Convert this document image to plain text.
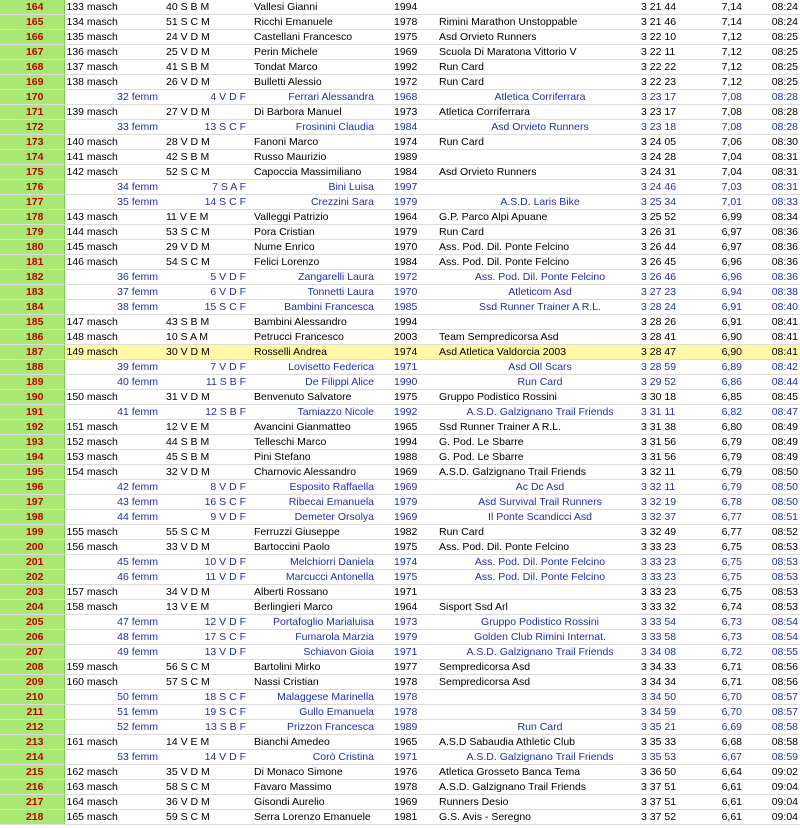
164	133 masch	40 S B M	Vallesi Gianni	1994		3 21 44	7,14	08:24
165	134 masch	51 S C M	Ricchi Emanuele	1978	Rimini Marathon Unstoppable	3 21 46	7,14	08:24
166	135 masch	24 V D M	Castellani Francesco	1975	Asd Orvieto Runners	3 22 10	7,12	08:25
167	136 masch	25 V D M	Perin Michele	1969	Scuola Di Maratona Vittorio V	3 22 11	7,12	08:25
168	137 masch	41 S B M	Tondat Marco	1992	Run Card	3 22 22	7,12	08:25
169	138 masch	26 V D M	Bulletti Alessio	1972	Run Card	3 22 23	7,12	08:25
170	32 femm	4 V D F	Ferrari Alessandra	1968	Atletica Corriferrara	3 23 17	7,08	08:28
171	139 masch	27 V D M	Di Barbora Manuel	1973	Atletica Corriferrara	3 23 17	7,08	08:28
172	33 femm	13 S C F	Frosinini Claudia	1984	Asd Orvieto Runners	3 23 18	7,08	08:28
173	140 masch	28 V D M	Fanoni Marco	1974	Run Card	3 24 05	7,06	08:30
174	141 masch	42 S B M	Russo Maurizio	1989		3 24 28	7,04	08:31
175	142 masch	52 S C M	Capoccia Massimiliano	1984	Asd Orvieto Runners	3 24 31	7,04	08:31
176	34 femm	7 S A F	Bini Luisa	1997		3 24 46	7,03	08:31
177	35 femm	14 S C F	Crezzini Sara	1979	A.S.D. Laris Bike	3 25 34	7,01	08:33
178	143 masch	11 V E M	Valleggi Patrizio	1964	G.P. Parco Alpi Apuane	3 25 52	6,99	08:34
179	144 masch	53 S C M	Pora Cristian	1979	Run Card	3 26 31	6,97	08:36
180	145 masch	29 V D M	Nume Enrico	1970	Ass. Pod. Dil. Ponte Felcino	3 26 44	6,97	08:36
181	146 masch	54 S C M	Felici Lorenzo	1984	Ass. Pod. Dil. Ponte Felcino	3 26 45	6,96	08:36
182	36 femm	5 V D F	Zangarelli Laura	1972	Ass. Pod. Dil. Ponte Felcino	3 26 46	6,96	08:36
183	37 femm	6 V D F	Tonnetti Laura	1970	Atleticom Asd	3 27 23	6,94	08:38
184	38 femm	15 S C F	Bambini Francesca	1985	Ssd Runner Trainer A R.L.	3 28 24	6,91	08:40
185	147 masch	43 S B M	Bambini Alessandro	1994		3 28 26	6,91	08:41
186	148 masch	10 S A M	Petrucci Francesco	2003	Team Sempredicorsa Asd	3 28 41	6,90	08:41
187	149 masch	30 V D M	Rosselli Andrea	1974	Asd Atletica Valdorcia 2003	3 28 47	6,90	08:41
188	39 femm	7 V D F	Lovisetto Federica	1971	Asd Oll Scars	3 28 59	6,89	08:42
189	40 femm	11 S B F	De Filippi Alice	1990	Run Card	3 29 52	6,86	08:44
190	150 masch	31 V D M	Benvenuto Salvatore	1975	Gruppo Podistico Rossini	3 30 18	6,85	08:45
191	41 femm	12 S B F	Tamiazzo Nicole	1992	A.S.D. Galzignano Trail Friends	3 31 11	6,82	08:47
192	151 masch	12 V E M	Avancini Gianmatteo	1965	Ssd Runner Trainer A R.L.	3 31 38	6,80	08:49
193	152 masch	44 S B M	Telleschi Marco	1994	G. Pod. Le Sbarre	3 31 56	6,79	08:49
194	153 masch	45 S B M	Pini Stefano	1988	G. Pod. Le Sbarre	3 31 56	6,79	08:49
195	154 masch	32 V D M	Charnovic Alessandro	1969	A.S.D. Galzignano Trail Friends	3 32 11	6,79	08:50
196	42 femm	8 V D F	Esposito Raffaella	1969	Ac Dc Asd	3 32 11	6,79	08:50
197	43 femm	16 S C F	Ribecai Emanuela	1979	Asd Survival Trail Runners	3 32 19	6,78	08:50
198	44 femm	9 V D F	Demeter Orsolya	1969	Il Ponte Scandicci Asd	3 32 37	6,77	08:51
199	155 masch	55 S C M	Ferruzzi Giuseppe	1982	Run Card	3 32 49	6,77	08:52
200	156 masch	33 V D M	Bartoccini Paolo	1975	Ass. Pod. Dil. Ponte Felcino	3 33 23	6,75	08:53
201	45 femm	10 V D F	Melchiorri Daniela	1974	Ass. Pod. Dil. Ponte Felcino	3 33 23	6,75	08:53
202	46 femm	11 V D F	Marcucci Antonella	1975	Ass. Pod. Dil. Ponte Felcino	3 33 23	6,75	08:53
203	157 masch	34 V D M	Alberti Rossano	1971		3 33 23	6,75	08:53
204	158 masch	13 V E M	Berlingieri Marco	1964	Sisport Ssd Arl	3 33 32	6,74	08:53
205	47 femm	12 V D F	Portafoglio Marialuisa	1973	Gruppo Podistico Rossini	3 33 54	6,73	08:54
206	48 femm	17 S C F	Fumarola Marzia	1979	Golden Club Rimini Internat.	3 33 58	6,73	08:54
207	49 femm	13 V D F	Schiavon Gioia	1971	A.S.D. Galzignano Trail Friends	3 34 08	6,72	08:55
208	159 masch	56 S C M	Bartolini Mirko	1977	Sempredicorsa Asd	3 34 33	6,71	08:56
209	160 masch	57 S C M	Nassi Cristian	1978	Sempredicorsa Asd	3 34 34	6,71	08:56
210	50 femm	18 S C F	Malaggese Marinella	1978		3 34 50	6,70	08:57
211	51 femm	19 S C F	Gullo Emanuela	1978		3 34 59	6,70	08:57
212	52 femm	13 S B F	Prizzon Francesca	1989	Run Card	3 35 21	6,69	08:58
213	161 masch	14 V E M	Bianchi Amedeo	1965	A.S.D Sabaudia Athletic Club	3 35 33	6,68	08:58
214	53 femm	14 V D F	Corò Cristina	1971	A.S.D. Galzignano Trail Friends	3 35 53	6,67	08:59
215	162 masch	35 V D M	Di Monaco Simone	1976	Atletica Grosseto Banca Tema	3 36 50	6,64	09:02
216	163 masch	58 S C M	Favaro Massimo	1978	A.S.D. Galzignano Trail Friends	3 37 51	6,61	09:04
217	164 masch	36 V D M	Gisondi Aurelio	1969	Runners Desio	3 37 51	6,61	09:04
218	165 masch	59 S C M	Serra Lorenzo Emanuele	1981	G.S. Avis - Seregno	3 37 52	6,61	09:04
